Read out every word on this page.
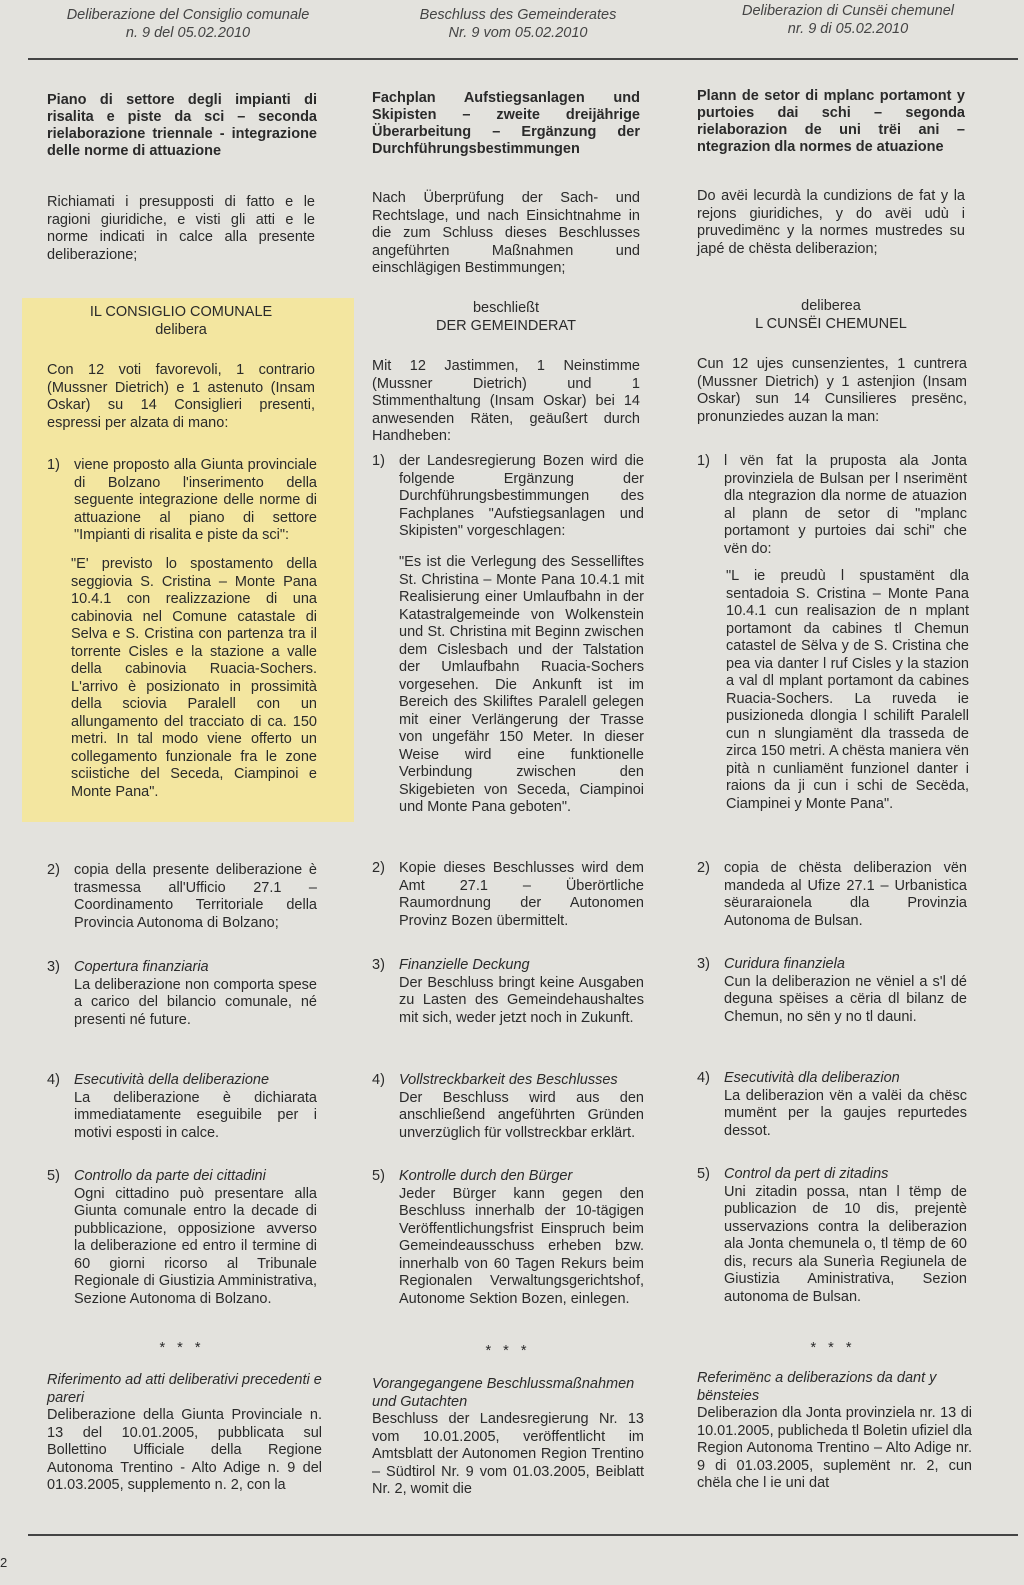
Deliberazione del Consiglio comunale
n. 9 del 05.02.2010
Beschluss des Gemeinderates
Nr. 9 vom 05.02.2010
Deliberazion di Cunsëi chemunel
nr. 9 di 05.02.2010
Piano di settore degli impianti di risalita e piste da sci – seconda rielaborazione triennale - integrazione delle norme di attuazione
Richiamati i presupposti di fatto e le ragioni giuridiche, e visti gli atti e le norme indicati in calce alla presente deliberazione;
IL CONSIGLIO COMUNALE
delibera
Con 12 voti favorevoli, 1 contrario (Mussner Dietrich) e 1 astenuto (Insam Oskar) su 14 Consiglieri presenti, espressi per alzata di mano:
1) viene proposto alla Giunta provinciale di Bolzano l'inserimento della seguente integrazione delle norme di attuazione al piano di settore "Impianti di risalita e piste da sci":
"E' previsto lo spostamento della seggiovia S. Cristina – Monte Pana 10.4.1 con realizzazione di una cabinovia nel Comune catastale di Selva e S. Cristina con partenza tra il torrente Cisles e la stazione a valle della cabinovia Ruacia-Sochers. L'arrivo è posizionato in prossimità della sciovia Paralell con un allungamento del tracciato di ca. 150 metri. In tal modo viene offerto un collegamento funzionale fra le zone sciistiche del Seceda, Ciampinoi e Monte Pana".
2) copia della presente deliberazione è trasmessa all'Ufficio 27.1 – Coordinamento Territoriale della Provincia Autonoma di Bolzano;
3) Copertura finanziaria
La deliberazione non comporta spese a carico del bilancio comunale, né presenti né future.
4) Esecutività della deliberazione
La deliberazione è dichiarata immediatamente eseguibile per i motivi esposti in calce.
5) Controllo da parte dei cittadini
Ogni cittadino può presentare alla Giunta comunale entro la decade di pubblicazione, opposizione avverso la deliberazione ed entro il termine di 60 giorni ricorso al Tribunale Regionale di Giustizia Amministrativa, Sezione Autonoma di Bolzano.
* * *
Riferimento ad atti deliberativi precedenti e pareri
Deliberazione della Giunta Provinciale n. 13 del 10.01.2005, pubblicata sul Bollettino Ufficiale della Regione Autonoma Trentino - Alto Adige n. 9 del 01.03.2005, supplemento n. 2, con la
Fachplan Aufstiegsanlagen und Skipisten – zweite dreijährige Überarbeitung – Ergänzung der Durchführungsbestimmungen
Nach Überprüfung der Sach- und Rechtslage, und nach Einsichtnahme in die zum Schluss dieses Beschlusses angeführten Maßnahmen und einschlägigen Bestimmungen;
beschließt
DER GEMEINDERAT
Mit 12 Jastimmen, 1 Neinstimme (Mussner Dietrich) und 1 Stimmenthaltung (Insam Oskar) bei 14 anwesenden Räten, geäußert durch Handheben:
1) der Landesregierung Bozen wird die folgende Ergänzung der Durchführungsbestimmungen des Fachplanes "Aufstiegsanlagen und Skipisten" vorgeschlagen:
"Es ist die Verlegung des Sesselliftes St. Christina – Monte Pana 10.4.1 mit Realisierung einer Umlaufbahn in der Katastralgemeinde von Wolkenstein und St. Christina mit Beginn zwischen dem Cislesbach und der Talstation der Umlaufbahn Ruacia-Sochers vorgesehen. Die Ankunft ist im Bereich des Skiliftes Paralell gelegen mit einer Verlängerung der Trasse von ungefähr 150 Meter. In dieser Weise wird eine funktionelle Verbindung zwischen den Skigebieten von Seceda, Ciampinoi und Monte Pana geboten".
2) Kopie dieses Beschlusses wird dem Amt 27.1 – Überörtliche Raumordnung der Autonomen Provinz Bozen übermittelt.
3) Finanzielle Deckung
Der Beschluss bringt keine Ausgaben zu Lasten des Gemeindehaushaltes mit sich, weder jetzt noch in Zukunft.
4) Vollstreckbarkeit des Beschlusses
Der Beschluss wird aus den anschließend angeführten Gründen unverzüglich für vollstreckbar erklärt.
5) Kontrolle durch den Bürger
Jeder Bürger kann gegen den Beschluss innerhalb der 10-tägigen Veröffentlichungsfrist Einspruch beim Gemeindeausschuss erheben bzw. innerhalb von 60 Tagen Rekurs beim Regionalen Verwaltungsgerichtshof, Autonome Sektion Bozen, einlegen.
* * *
Vorangegangene Beschlussmaßnahmen und Gutachten
Beschluss der Landesregierung Nr. 13 vom 10.01.2005, veröffentlicht im Amtsblatt der Autonomen Region Trentino – Südtirol Nr. 9 vom 01.03.2005, Beiblatt Nr. 2, womit die
Plann de setor di mplanc portamont y purtoies dai schi – segonda rielaborazion de uni trëi ani – ntegrazion dla normes de atuazione
Do avëi lecurdà la cundizions de fat y la rejons giuridiches, y do avëi udù i pruvedimënc y la normes mustredes su japé de chësta deliberazion;
deliberea
L CUNSËI CHEMUNEL
Cun 12 ujes cunsenzientes, 1 cuntrera (Mussner Dietrich) y 1 astenjion (Insam Oskar) sun 14 Cunsilieres presënc, pronunziedes auzan la man:
1) l vën fat la pruposta ala Jonta provinziela de Bulsan per l nserimënt dla ntegrazion dla norme de atuazion al plann de setor di "mplanc portamont y purtoies dai schi" che vën do:
"L ie preudù l spustamënt dla sentadoia S. Cristina – Monte Pana 10.4.1 cun realisazion de n mplant portamont da cabines tl Chemun catastel de Sëlva y de S. Cristina che pea via danter l ruf Cisles y la stazion a val dl mplant portamont da cabines Ruacia-Sochers. La ruveda ie pusizioneda dlongia l schilift Paralell cun n slungiamënt dla trasseda de zirca 150 metri. A chësta maniera vën pità n cunliamënt funzionel danter i raions da ji cun i schi de Secëda, Ciampinei y Monte Pana".
2) copia de chësta deliberazion vën mandeda al Ufize 27.1 – Urbanistica sëuraraionela dla Provinzia Autonoma de Bulsan.
3) Curidura finanziela
Cun la deliberazion ne vëniel a s'l dé deguna spëises a cëria dl bilanz de Chemun, no sën y no tl dauni.
4) Esecutività dla deliberazion
La deliberazion vën a valëi da chësc mumënt per la gaujes repurtedes dessot.
5) Control da pert di zitadins
Uni zitadin possa, ntan l tëmp de publicazion de 10 dis, prejentè usservazions contra la deliberazion ala Jonta chemunela o, tl tëmp de 60 dis, recurs ala Sunerìa Regiunela de Giustizia Aministrativa, Sezion autonoma de Bulsan.
* * *
Referimënc a deliberazions da dant y bënsteies
Deliberazion dla Jonta provinziela nr. 13 di 10.01.2005, publicheda tl Boletin ufiziel dla Region Autonoma Trentino – Alto Adige nr. 9 di 01.03.2005, suplemënt nr. 2, cun chëla che l ie uni dat
2
